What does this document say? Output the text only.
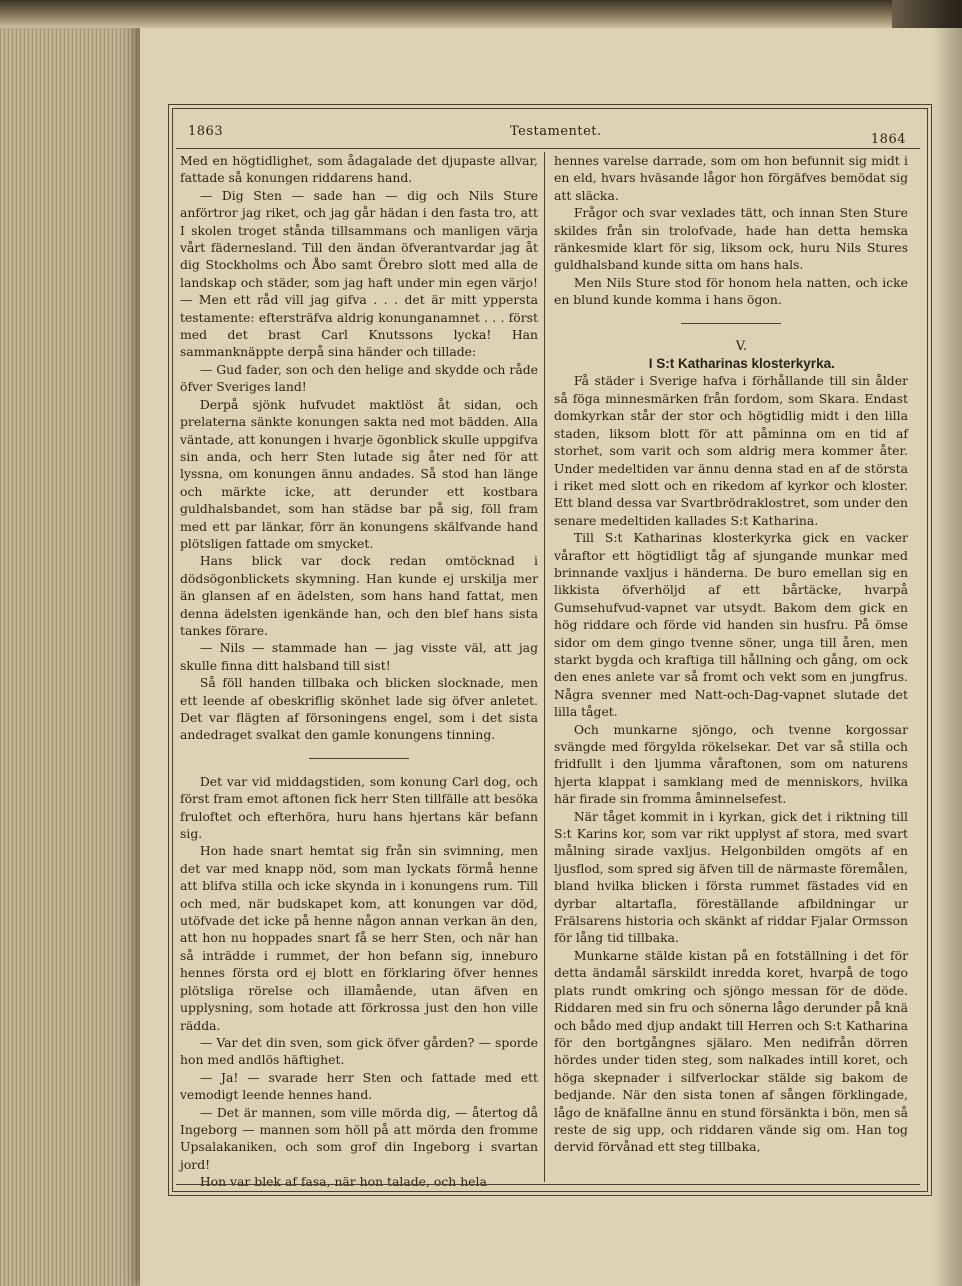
1863	Testamentet.
1864

Med en högtidlighet, som ådagalade det djupaste allvar, fattade så konungen riddarens hand.

— Dig Sten — sade han — dig och Nils Sture anförtror jag riket, och jag går hädan i den fasta tro, att I skolen troget stånda tillsammans och manligen värja vårt fädernesland. Till den ändan öfverantvardar jag åt dig Stockholms och Åbo samt Örebro slott med alla de landskap och städer, som jag haft under min egen värjo! — Men ett råd vill jag gifva . . . det är mitt yppersta testamente: eftersträfva aldrig konunganamnet . . . först med det brast Carl Knutssons lycka! Han sammanknäppte derpå sina händer och tillade:

— Gud fader, son och den helige and skydde och råde öfver Sveriges land!

Derpå sjönk hufvudet maktlöst åt sidan, och prelaterna sänkte konungen sakta ned mot bädden. Alla väntade, att konungen i hvarje ögonblick skulle uppgifva sin anda, och herr Sten lutade sig åter ned för att lyssna, om konungen ännu andades. Så stod han länge och märkte icke, att derunder ett kostbara guldhalsbandet, som han städse bar på sig, föll fram med ett par länkar, förr än konungens skälfvande hand plötsligen fattade om smycket.

Hans blick var dock redan omtöcknad i dödsögonblickets skymning. Han kunde ej urskilja mer än glansen af en ädelsten, som hans hand fattat, men denna ädelsten igenkände han, och den blef hans sista tankes förare.

— Nils — stammade han — jag visste väl, att jag skulle finna ditt halsband till sist!

Så föll handen tillbaka och blicken slocknade, men ett leende af obeskriflig skönhet lade sig öfver anletet. Det var flägten af försoningens engel, som i det sista andedraget svalkat den gamle konungens tinning.

Det var vid middagstiden, som konung Carl dog, och först fram emot aftonen fick herr Sten tillfälle att besöka fruloftet och efterhöra, huru hans hjertans kär befann sig.

Hon hade snart hemtat sig från sin svimning, men det var med knapp nöd, som man lyckats förmå henne att blifva stilla och icke skynda in i konungens rum. Till och med, när budskapet kom, att konungen var död, utöfvade det icke på henne någon annan verkan än den, att hon nu hoppades snart få se herr Sten, och när han så inträdde i rummet, der hon befann sig, inneburo hennes första ord ej blott en förklaring öfver hennes plötsliga rörelse och illamående, utan äfven en upplysning, som hotade att förkrossa just den hon ville rädda.

— Var det din sven, som gick öfver gården? — sporde hon med andlös häftighet.

— Ja! — svarade herr Sten och fattade med ett vemodigt leende hennes hand.

— Det är mannen, som ville mörda dig, — återtog då Ingeborg — mannen som höll på att mörda den fromme Upsalakaniken, och som grof din Ingeborg i svartan jord!

Hon var blek af fasa, när hon talade, och hela

hennes varelse darrade, som om hon befunnit sig midt i en eld, hvars hväsande lågor hon förgäfves bemödat sig att släcka.

Frågor och svar vexlades tätt, och innan Sten Sture skildes från sin trolofvade, hade han detta hemska ränkesmide klart för sig, liksom ock, huru Nils Stures guldhalsband kunde sitta om hans hals.

Men Nils Sture stod för honom hela natten, och icke en blund kunde komma i hans ögon.

V.

I S:t Katharinas klosterkyrka.

Få städer i Sverige hafva i förhållande till sin ålder så föga minnesmärken från fordom, som Skara. Endast domkyrkan står der stor och högtidlig midt i den lilla staden, liksom blott för att påminna om en tid af storhet, som varit och som aldrig mera kommer åter. Under medeltiden var ännu denna stad en af de största i riket med slott och en rikedom af kyrkor och kloster. Ett bland dessa var Svartbrödraklostret, som under den senare medeltiden kallades S:t Katharina.

Till S:t Katharinas klosterkyrka gick en vacker våraftor ett högtidligt tåg af sjungande munkar med brinnande vaxljus i händerna. De buro emellan sig en likkista öfverhöljd af ett bårtäcke, hvarpå Gumsehufvud-vapnet var utsydt. Bakom dem gick en hög riddare och förde vid handen sin husfru. På ömse sidor om dem gingo tvenne söner, unga till åren, men starkt bygda och kraftiga till hållning och gång, om ock den enes anlete var så fromt och vekt som en jungfrus. Några svenner med Natt-och-Dag-vapnet slutade det lilla tåget.

Och munkarne sjöngo, och tvenne korgossar svängde med förgylda rökelsekar. Det var så stilla och fridfullt i den ljumma våraftonen, som om naturens hjerta klappat i samklang med de menniskors, hvilka här firade sin fromma åminnelsefest.

När tåget kommit in i kyrkan, gick det i riktning till S:t Karins kor, som var rikt upplyst af stora, med svart målning sirade vaxljus. Helgonbilden omgöts af en ljusflod, som spred sig äfven till de närmaste föremålen, bland hvilka blicken i första rummet fästades vid en dyrbar altartafla, föreställande afbildningar ur Frälsarens historia och skänkt af riddar Fjalar Ormsson för lång tid tillbaka.

Munkarne stälde kistan på en fotställning i det för detta ändamål särskildt inredda koret, hvarpå de togo plats rundt omkring och sjöngo messan för de döde. Riddaren med sin fru och sönerna lågo derunder på knä och bådo med djup andakt till Herren och S:t Katharina för den bortgångnes själaro. Men nedifrån dörren hördes under tiden steg, som nalkades intill koret, och höga skepnader i silfverlockar stälde sig bakom de bedjande. När den sista tonen af sången förklingade, lågo de knäfallne ännu en stund försänkta i bön, men så reste de sig upp, och riddaren vände sig om. Han tog dervid förvånad ett steg tillbaka,
